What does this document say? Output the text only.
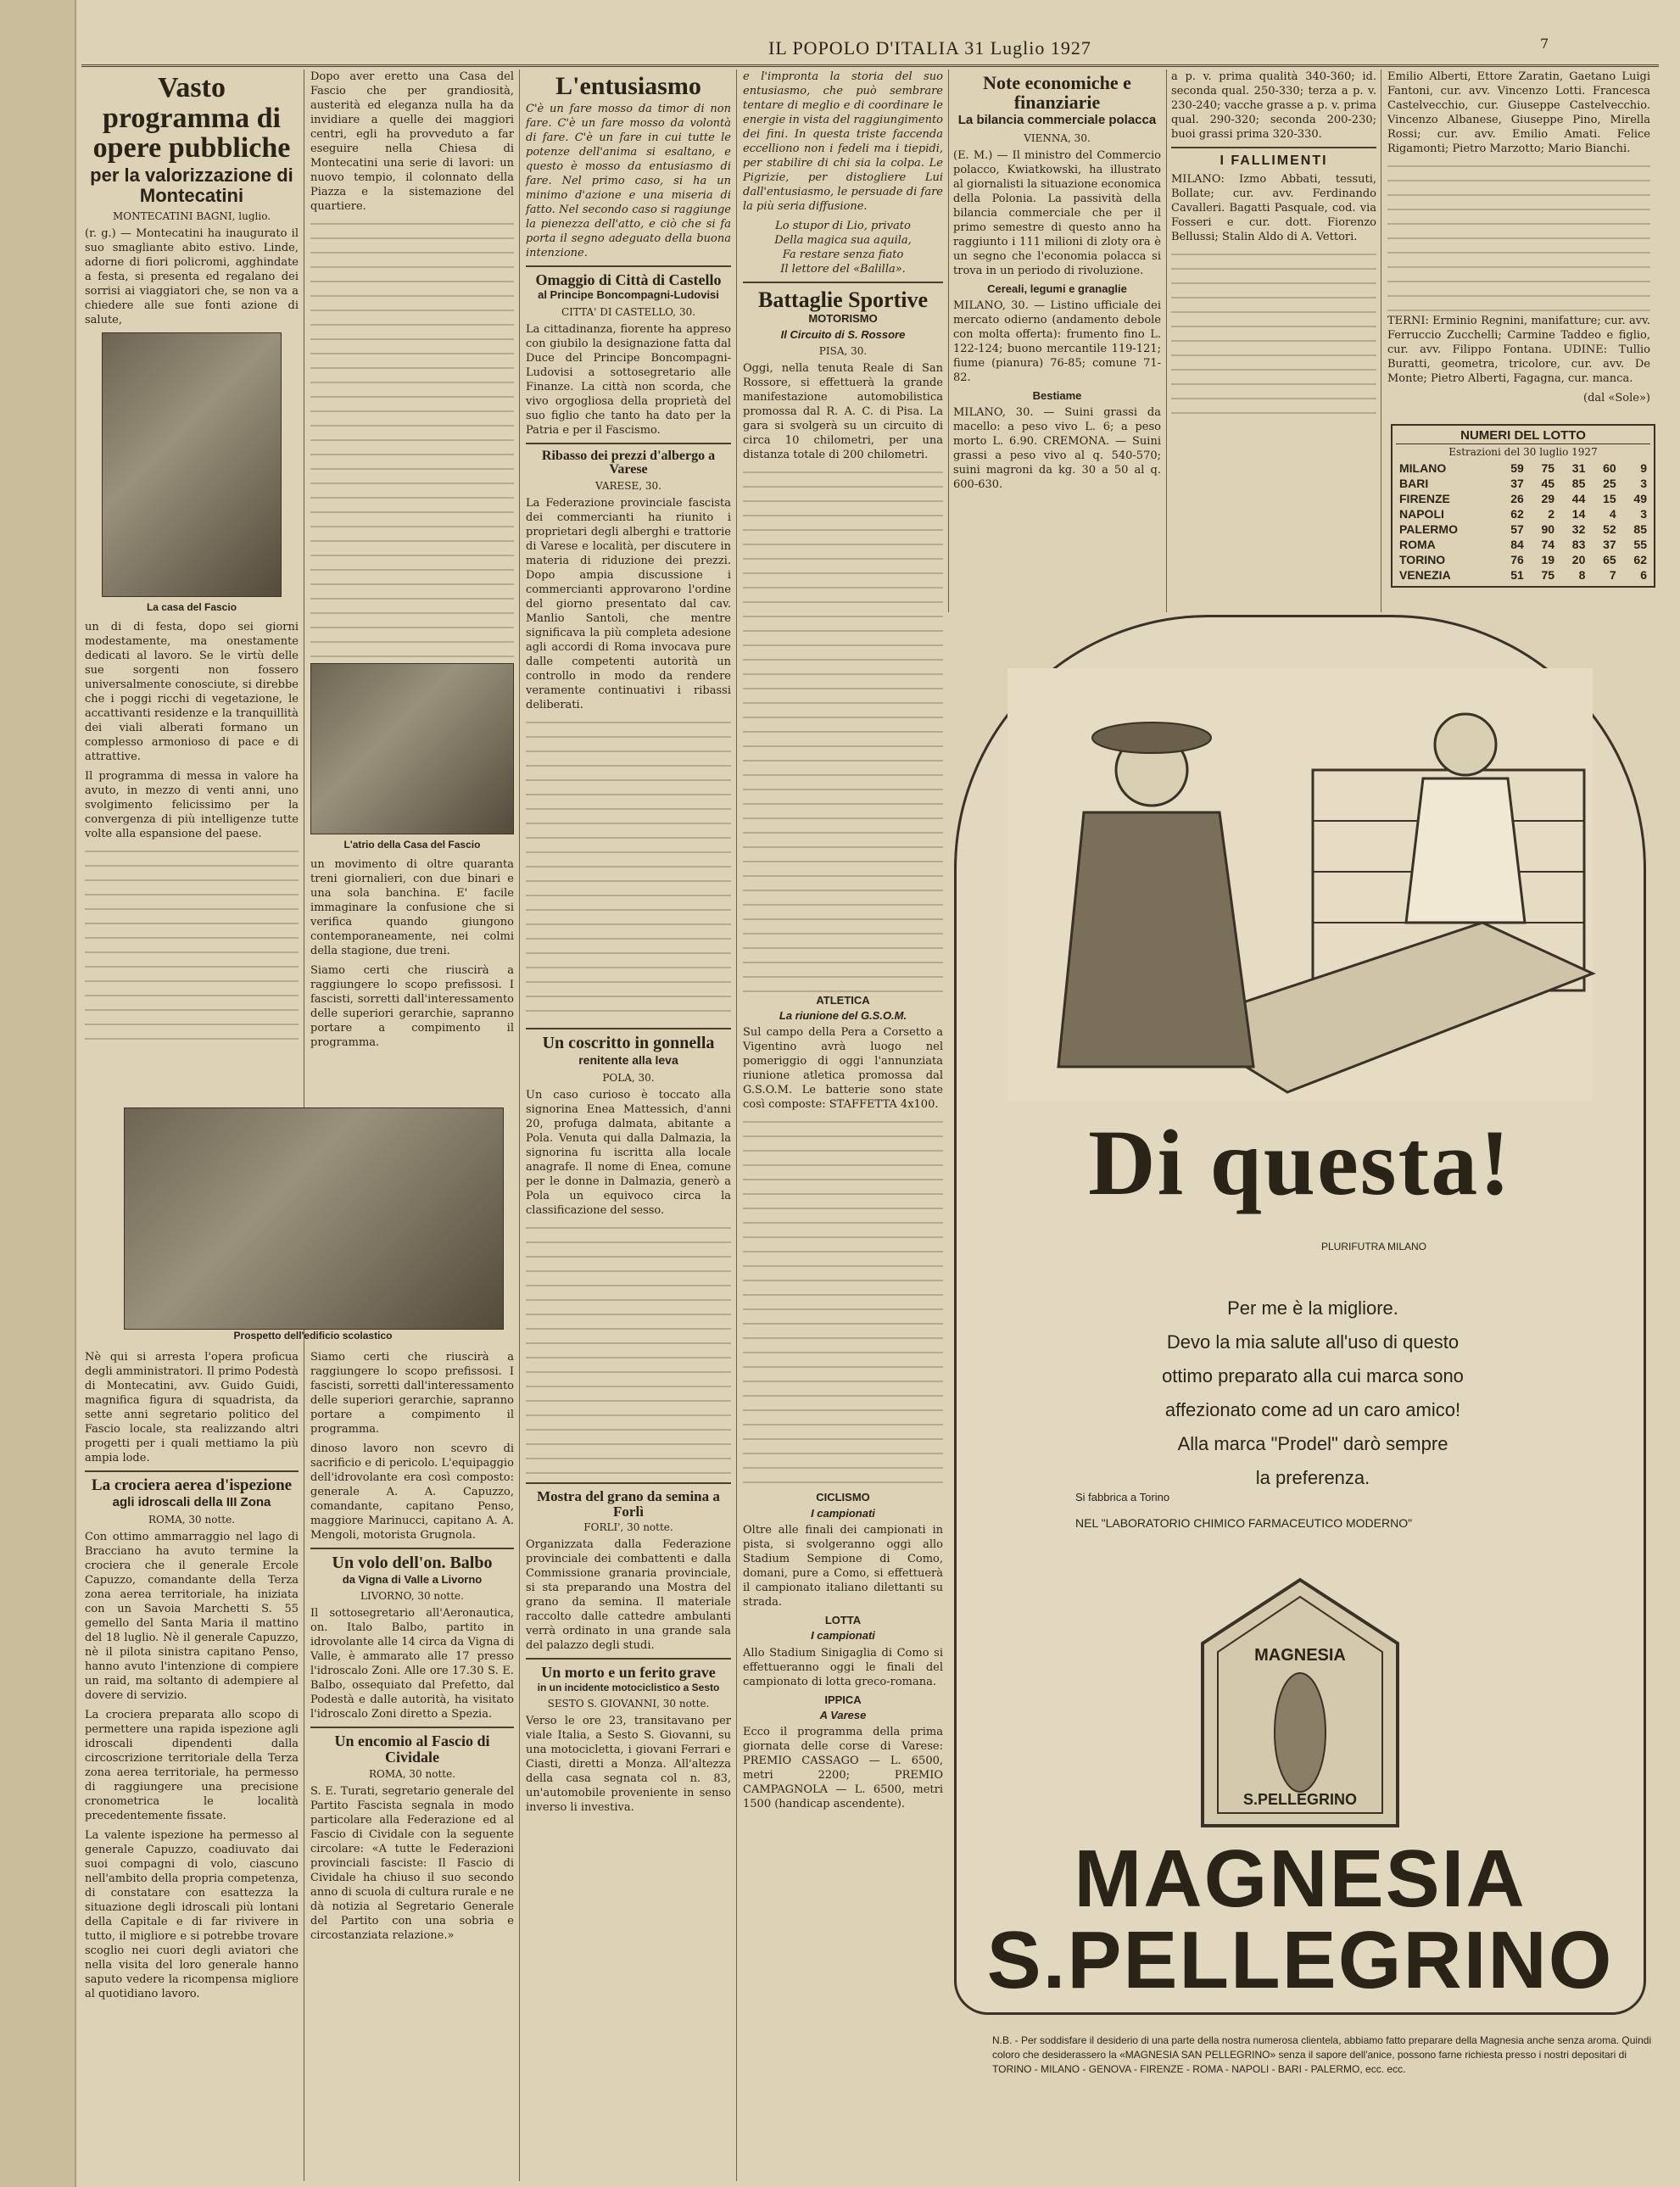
IL POPOLO D'ITALIA 31 Luglio 1927	7
Vasto programma di opere pubbliche
per la valorizzazione di Montecatini
MONTECATINI BAGNI, luglio.

(r. g.) — Montecatini ha inaugurato il suo smagliante abito estivo. Linde, adorne di fiori policromi, agghindate a festa, si presenta ed regalano dei sorrisi ai viaggiatori che, se non va a chiedere alle sue fonti azione di salute,

La casa del Fascio

un di di festa, dopo sei giorni modestamente, ma onestamente dedicati al lavoro. Se le virtù delle sue sorgenti non fossero universalmente conosciute, si direbbe che i poggi ricchi di vegetazione, le accattivanti residenze e la tranquillità dei viali alberati formano un complesso armonioso di pace e di attrattive.

Il programma di messa in valore ha avuto, in mezzo di venti anni, uno svolgimento felicissimo per la convergenza di più intelligenze tutte volte alla espansione del paese.

Prospetto dell'edificio scolastico

Nè qui si arresta l'opera proficua degli amministratori. Il primo Podestà di Montecatini, avv. Guido Guidi, magnifica figura di squadrista, da sette anni segretario politico del Fascio locale, sta realizzando altri progetti per i quali mettiamo la più ampia lode.

La crociera aerea d'ispezione
agli idroscali della III Zona
ROMA, 30 notte.

Con ottimo ammarraggio nel lago di Bracciano ha avuto termine la crociera che il generale Ercole Capuzzo, comandante della Terza zona aerea territoriale, ha iniziata con un Savoia Marchetti S. 55 gemello del Santa Maria il mattino del 18 luglio. Nè il generale Capuzzo, nè il pilota sinistra capitano Penso, hanno avuto l'intenzione di compiere un raid, ma soltanto di adempiere al dovere di servizio.

La crociera preparata allo scopo di permettere una rapida ispezione agli idroscali dipendenti dalla circoscrizione territoriale della Terza zona aerea territoriale, ha permesso di raggiungere una precisione cronometrica le località precedentemente fissate.

La valente ispezione ha permesso al generale Capuzzo, coadiuvato dai suoi compagni di volo, ciascuno nell'ambito della propria competenza, di constatare con esattezza la situazione degli idroscali più lontani della Capitale e di far rivivere in tutto, il migliore e si potrebbe trovare scoglio nei cuori degli aviatori che nella visita del loro generale hanno saputo vedere la ricompensa migliore al quotidiano lavoro.

Dopo aver eretto una Casa del Fascio che per grandiosità, austerità ed eleganza nulla ha da invidiare a quelle dei maggiori centri, egli ha provveduto a far eseguire nella Chiesa di Montecatini una serie di lavori: un nuovo tempio, il colonnato della Piazza e la sistemazione del quartiere.

L'atrio della Casa del Fascio

un movimento di oltre quaranta treni giornalieri, con due binari e una sola banchina. E' facile immaginare la confusione che si verifica quando giungono contemporaneamente, nei colmi della stagione, due treni.

Siamo certi che riuscirà a raggiungere lo scopo prefissosi. I fascisti, sorretti dall'interessamento delle superiori gerarchie, sapranno portare a compimento il programma.

Siamo certi che riuscirà a raggiungere lo scopo prefissosi. I fascisti, sorretti dall'interessamento delle superiori gerarchie, sapranno portare a compimento il programma.

dinoso lavoro non scevro di sacrificio e di pericolo. L'equipaggio dell'idrovolante era così composto: generale A. A. Capuzzo, comandante, capitano Penso, maggiore Marinucci, capitano A. A. Mengoli, motorista Grugnola.

Un volo dell'on. Balbo
da Vigna di Valle a Livorno
LIVORNO, 30 notte.

Il sottosegretario all'Aeronautica, on. Italo Balbo, partito in idrovolante alle 14 circa da Vigna di Valle, è ammarato alle 17 presso l'idroscalo Zoni. Alle ore 17.30 S. E. Balbo, ossequiato dal Prefetto, dal Podestà e dalle autorità, ha visitato l'idroscalo Zoni diretto a Spezia.

Un encomio al Fascio di Cividale
ROMA, 30 notte.

S. E. Turati, segretario generale del Partito Fascista segnala in modo particolare alla Federazione ed al Fascio di Cividale con la seguente circolare: «A tutte le Federazioni provinciali fasciste: Il Fascio di Cividale ha chiuso il suo secondo anno di scuola di cultura rurale e ne dà notizia al Segretario Generale del Partito con una sobria e circostanziata relazione.»

L'entusiasmo

C'è un fare mosso da timor di non fare. C'è un fare mosso da volontà di fare. C'è un fare in cui tutte le potenze dell'anima si esaltano, e questo è mosso da entusiasmo di fare. Nel primo caso, si ha un minimo d'azione e una miseria di fatto. Nel secondo caso si raggiunge la pienezza dell'atto, e ciò che si fa porta il segno adeguato della buona intenzione.

Omaggio di Città di Castello
al Principe Boncompagni-Ludovisi
CITTA' DI CASTELLO, 30.

La cittadinanza, fiorente ha appreso con giubilo la designazione fatta dal Duce del Principe Boncompagni-Ludovisi a sottosegretario alle Finanze. La città non scorda, che vivo orgogliosa della proprietà del suo figlio che tanto ha dato per la Patria e per il Fascismo.

Ribasso dei prezzi d'albergo a Varese
VARESE, 30.

La Federazione provinciale fascista dei commercianti ha riunito i proprietari degli alberghi e trattorie di Varese e località, per discutere in materia di riduzione dei prezzi. Dopo ampia discussione i commercianti approvarono l'ordine del giorno presentato dal cav. Manlio Santoli, che mentre significava la più completa adesione agli accordi di Roma invocava pure dalle competenti autorità un controllo in modo da rendere veramente continuativi i ribassi deliberati.

Un coscritto in gonnella
renitente alla leva
POLA, 30.

Un caso curioso è toccato alla signorina Enea Mattessich, d'anni 20, profuga dalmata, abitante a Pola. Venuta qui dalla Dalmazia, la signorina fu iscritta alla locale anagrafe. Il nome di Enea, comune per le donne in Dalmazia, generò a Pola un equivoco circa la classificazione del sesso.

Mostra del grano da semina a Forlì
FORLI', 30 notte.

Organizzata dalla Federazione provinciale dei combattenti e dalla Commissione granaria provinciale, si sta preparando una Mostra del grano da semina. Il materiale raccolto dalle cattedre ambulanti verrà ordinato in una grande sala del palazzo degli studi.

Un morto e un ferito grave
in un incidente motociclistico a Sesto
SESTO S. GIOVANNI, 30 notte.

Verso le ore 23, transitavano per viale Italia, a Sesto S. Giovanni, su una motocicletta, i giovani Ferrari e Ciasti, diretti a Monza. All'altezza della casa segnata col n. 83, un'automobile proveniente in senso inverso li investiva.

e l'impronta la storia del suo entusiasmo, che può sembrare tentare di meglio e di coordinare le energie in vista del raggiungimento dei fini. In questa triste faccenda eccelliono non i fedeli ma i tiepidi, per stabilire di chi sia la colpa. Le Pigrizie, per distogliere Lui dall'entusiasmo, le persuade di fare la più seria diffusione.

Lo stupor di Lio, privato
Della magica sua aquila,
Fa restare senza fiato
Il lettore del «Balilla».

Battaglie Sportive
MOTORISMO
Il Circuito di S. Rossore
PISA, 30.

Oggi, nella tenuta Reale di San Rossore, si effettuerà la grande manifestazione automobilistica promossa dal R. A. C. di Pisa. La gara si svolgerà su un circuito di circa 10 chilometri, per una distanza totale di 200 chilometri.

ATLETICA
La riunione del G.S.O.M.

Sul campo della Pera a Corsetto a Vigentino avrà luogo nel pomeriggio di oggi l'annunziata riunione atletica promossa dal G.S.O.M. Le batterie sono state così composte: STAFFETTA 4x100.

CICLISMO
I campionati

Oltre alle finali dei campionati in pista, si svolgeranno oggi allo Stadium Sempione di Como, domani, pure a Como, si effettuerà il campionato italiano dilettanti su strada.

LOTTA
I campionati

Allo Stadium Sinigaglia di Como si effettueranno oggi le finali del campionato di lotta greco-romana.

IPPICA
A Varese

Ecco il programma della prima giornata delle corse di Varese: PREMIO CASSAGO — L. 6500, metri 2200; PREMIO CAMPAGNOLA — L. 6500, metri 1500 (handicap ascendente).

Note economiche e finanziarie
La bilancia commerciale polacca
VIENNA, 30.

(E. M.) — Il ministro del Commercio polacco, Kwiatkowski, ha illustrato al giornalisti la situazione economica della Polonia. La passività della bilancia commerciale che per il primo semestre di questo anno ha raggiunto i 111 milioni di zloty ora è un segno che l'economia polacca si trova in un periodo di rivoluzione.

Cereali, legumi e granaglie

MILANO, 30. — Listino ufficiale dei mercato odierno (andamento debole con molta offerta): frumento fino L. 122-124; buono mercantile 119-121; fiume (pianura) 76-85; comune 71-82.

Bestiame

MILANO, 30. — Suini grassi da macello: a peso vivo L. 6; a peso morto L. 6.90. CREMONA. — Suini grassi a peso vivo al q. 540-570; suini magroni da kg. 30 a 50 al q. 600-630.

a p. v. prima qualità 340-360; id. seconda qual. 250-330; terza a p. v. 230-240; vacche grasse a p. v. prima qual. 290-320; seconda 200-230; buoi grassi prima 320-330.

I FALLIMENTI

MILANO: Izmo Abbati, tessuti, Bollate; cur. avv. Ferdinando Cavalleri. Bagatti Pasquale, cod. via Fosseri e cur. dott. Fiorenzo Bellussi; Stalin Aldo di A. Vettori.

NUMERI DEL LOTTO
Estrazioni del 30 luglio 1927
MILANO	59	75	31	60	9
BARI	37	45	85	25	3
FIRENZE	26	29	44	15	49
NAPOLI	62	2	14	4	3
PALERMO	57	90	32	52	85
ROMA	84	74	83	37	55
TORINO	76	19	20	65	62
VENEZIA	51	75	8	7	6

Emilio Alberti, Ettore Zaratin, Gaetano Luigi Fantoni, cur. avv. Vincenzo Lotti. Francesca Castelvecchio, cur. Giuseppe Castelvecchio. Vincenzo Albanese, Giuseppe Pino, Mirella Rossi; cur. avv. Emilio Amati. Felice Rigamonti; Pietro Marzotto; Mario Bianchi.

TERNI: Erminio Regnini, manifatture; cur. avv. Ferruccio Zucchelli; Carmine Taddeo e figlio, cur. avv. Filippo Fontana. UDINE: Tullio Buratti, geometra, tricolore, cur. avv. De Monte; Pietro Alberti, Fagagna, cur. manca.

(dal «Sole»)

Di questa!
PLURIFUTRA MILANO
Per me è la migliore.
Devo la mia salute all'uso di questo
ottimo preparato alla cui marca sono
affezionato come ad un caro amico!
Alla marca "Prodel" darò sempre
la preferenza.
Si fabbrica a Torino
NEL "LABORATORIO CHIMICO FARMACEUTICO MODERNO"
MAGNESIA
S.PELLEGRINO
MAGNESIA
S.PELLEGRINO
N.B. - Per soddisfare il desiderio di una parte della nostra numerosa clientela, abbiamo fatto preparare della Magnesia anche senza aroma. Quindi coloro che desiderassero la «MAGNESIA SAN PELLEGRINO» senza il sapore dell'anice, possono farne richiesta presso i nostri depositari di TORINO - MILANO - GENOVA - FIRENZE - ROMA - NAPOLI - BARI - PALERMO, ecc. ecc.
